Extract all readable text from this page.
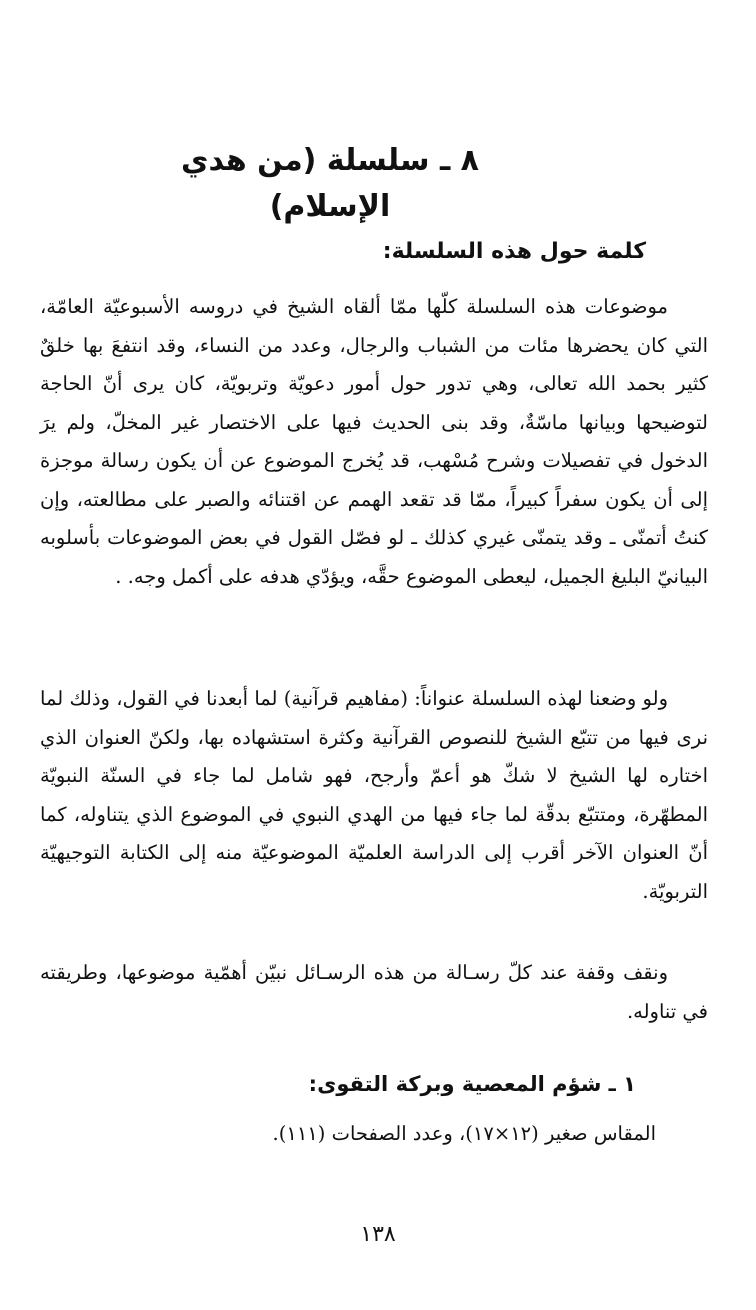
٨ ـ سلسلة (من هدي الإسلام)
كلمة حول هذه السلسلة:
موضوعات هذه السلسلة كلّها ممّا ألقاه الشيخ في دروسه الأسبوعيّة العامّة، التي كان يحضرها مئات من الشباب والرجال، وعدد من النساء، وقد انتفعَ بها خلقٌ كثير بحمد الله تعالى، وهي تدور حول أمور دعويّة وتربويّة، كان يرى أنّ الحاجة لتوضيحها وبيانها ماسّةٌ، وقد بنى الحديث فيها على الاختصار غير المخلّ، ولم يرَ الدخول في تفصيلات وشرح مُسْهب، قد يُخرج الموضوع عن أن يكون رسالة موجزة إلى أن يكون سفراً كبيراً، ممّا قد تقعد الهمم عن اقتنائه والصبر على مطالعته، وإن كنتُ أتمنّى ـ وقد يتمنّى غيري كذلك ـ لو فصّل القول في بعض الموضوعات بأسلوبه البيانيّ البليغ الجميل، ليعطى الموضوع حقَّه، ويؤدّي هدفه على أكمل وجه. .
ولو وضعنا لهذه السلسلة عنواناً: (مفاهيم قرآنية) لما أبعدنا في القول، وذلك لما نرى فيها من تتبّع الشيخ للنصوص القرآنية وكثرة استشهاده بها، ولكنّ العنوان الذي اختاره لها الشيخ لا شكّ هو أعمّ وأرجح، فهو شامل لما جاء في السنّة النبويّة المطهّرة، ومتتبّع بدقّة لما جاء فيها من الهدي النبوي في الموضوع الذي يتناوله، كما أنّ العنوان الآخر أقرب إلى الدراسة العلميّة الموضوعيّة منه إلى الكتابة التوجيهيّة التربويّة.
ونقف وقفة عند كلّ رسـالة من هذه الرسـائل نبيّن أهمّية موضوعها، وطريقته في تناوله.
١ ـ شؤم المعصية وبركة التقوى:
المقاس صغير (١٢×١٧)، وعدد الصفحات (١١١).
١٣٨
